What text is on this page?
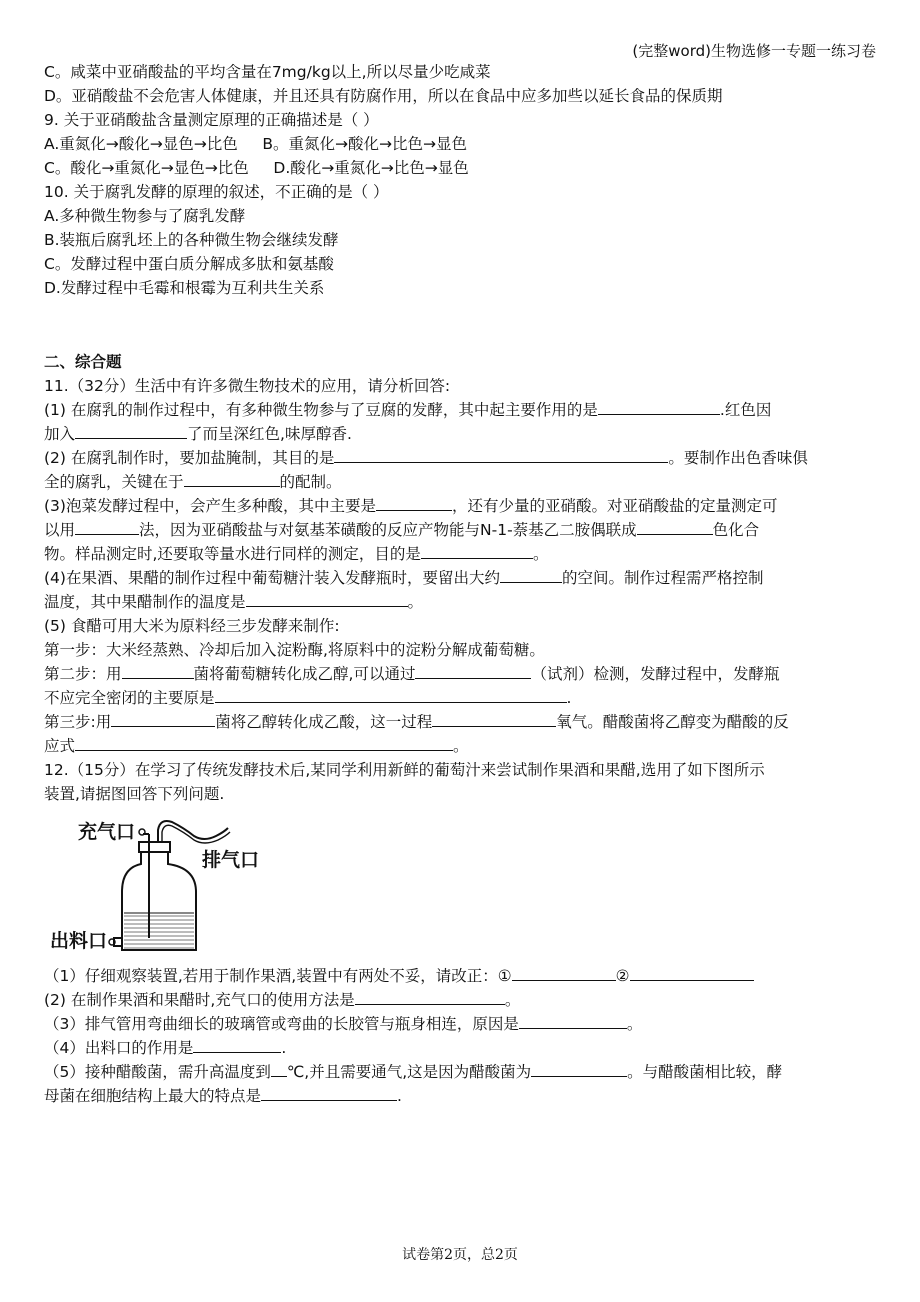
(完整word)生物选修一专题一练习卷
C。咸菜中亚硝酸盐的平均含量在7mg/kg以上,所以尽量少吃咸菜
D。亚硝酸盐不会危害人体健康，并且还具有防腐作用，所以在食品中应多加些以延长食品的保质期
9. 关于亚硝酸盐含量测定原理的正确描述是（ ）
A.重氮化→酸化→显色→比色     B。重氮化→酸化→比色→显色
C。酸化→重氮化→显色→比色     D.酸化→重氮化→比色→显色
10. 关于腐乳发酵的原理的叙述，不正确的是（ ）
A.多种微生物参与了腐乳发酵
B.装瓶后腐乳坯上的各种微生物会继续发酵
C。发酵过程中蛋白质分解成多肽和氨基酸
D.发酵过程中毛霉和根霉为互利共生关系
二、综合题
11.（32分）生活中有许多微生物技术的应用，请分析回答:
(1) 在腐乳的制作过程中，有多种微生物参与了豆腐的发酵，其中起主要作用的是	.红色因
加入	了而呈深红色,味厚醇香.
(2) 在腐乳制作时，要加盐腌制，其目的是	。要制作出色香味俱
全的腐乳，关键在于	的配制。
(3)泡菜发酵过程中，会产生多种酸，其中主要是	，还有少量的亚硝酸。对亚硝酸盐的定量测定可
以用	法，因为亚硝酸盐与对氨基苯磺酸的反应产物能与N-1-萘基乙二胺偶联成	色化合
物。样品测定时,还要取等量水进行同样的测定，目的是	。
(4)在果酒、果醋的制作过程中葡萄糖汁装入发酵瓶时，要留出大约	的空间。制作过程需严格控制
温度，其中果醋制作的温度是	。
(5) 食醋可用大米为原料经三步发酵来制作:
第一步：大米经蒸熟、冷却后加入淀粉酶,将原料中的淀粉分解成葡萄糖。
第二步：用	菌将葡萄糖转化成乙醇,可以通过	（试剂）检测，发酵过程中，发酵瓶
不应完全密闭的主要原是	.
第三步:用	菌将乙醇转化成乙酸，这一过程	氧气。醋酸菌将乙醇变为醋酸的反
应式	。
12.（15分）在学习了传统发酵技术后,某同学利用新鲜的葡萄汁来尝试制作果酒和果醋,选用了如下图所示
装置,请据图回答下列问题.
充气口
排气口
出料口
（1）仔细观察装置,若用于制作果酒,装置中有两处不妥，请改正：①	②
(2) 在制作果酒和果醋时,充气口的使用方法是	。
（3）排气管用弯曲细长的玻璃管或弯曲的长胶管与瓶身相连，原因是	。
（4）出料口的作用是	.
（5）接种醋酸菌，需升高温度到 ℃,并且需要通气,这是因为醋酸菌为	。与醋酸菌相比较，酵
母菌在细胞结构上最大的特点是	.
试卷第2页，总2页
